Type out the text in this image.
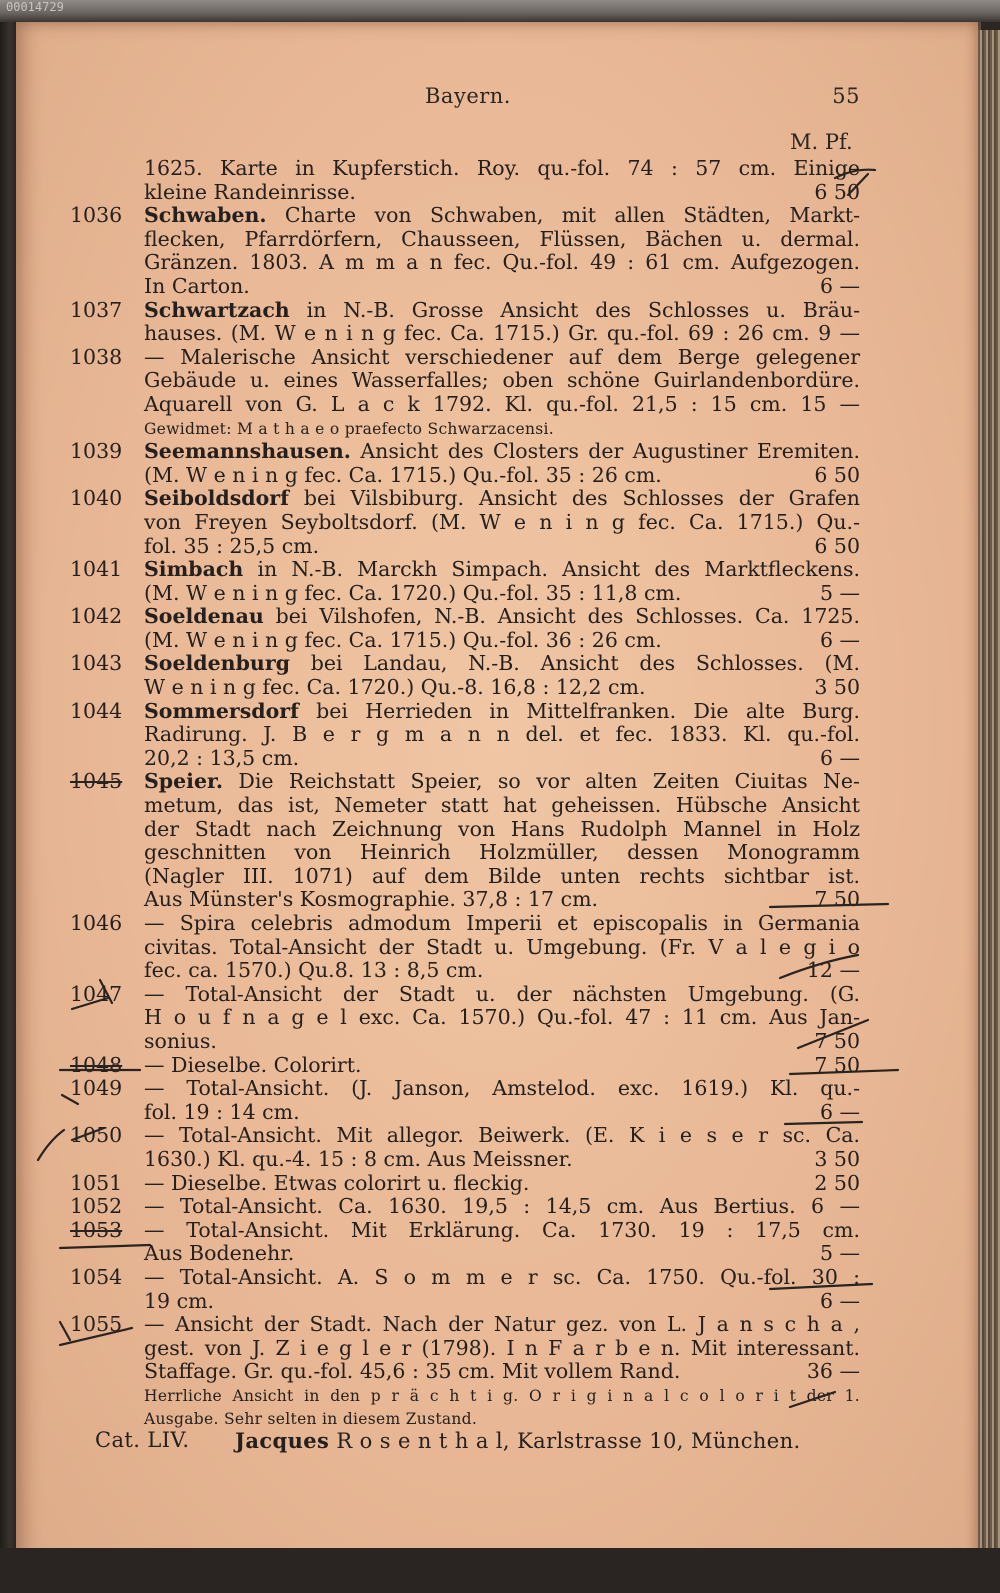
00014729
Bayern.	55
M. Pf.
1625. Karte in Kupferstich. Roy. qu.-fol. 74 : 57 cm. Einige
kleine Randeinrisse.	6 50
1036	Schwaben. Charte von Schwaben, mit allen Städten, Markt-
flecken, Pfarrdörfern, Chausseen, Flüssen, Bächen u. dermal.
Gränzen. 1803. A m m a n fec. Qu.-fol. 49 : 61 cm. Aufgezogen.
In Carton.	6 —
1037	Schwartzach in N.-B. Grosse Ansicht des Schlosses u. Bräu-
hauses. (M. W e n i n g fec. Ca. 1715.) Gr. qu.-fol. 69 : 26 cm. 9 —
1038	— Malerische Ansicht verschiedener auf dem Berge gelegener
Gebäude u. eines Wasserfalles; oben schöne Guirlandenbordüre.
Aquarell von G. L a c k 1792. Kl. qu.-fol. 21,5 : 15 cm. 15 —
Gewidmet: M a t h a e o praefecto Schwarzacensi.
1039	Seemannshausen. Ansicht des Closters der Augustiner Eremiten.
(M. W e n i n g fec. Ca. 1715.) Qu.-fol. 35 : 26 cm.	6 50
1040	Seiboldsdorf bei Vilsbiburg. Ansicht des Schlosses der Grafen
von Freyen Seyboltsdorf. (M. W e n i n g fec. Ca. 1715.) Qu.-
fol. 35 : 25,5 cm.	6 50
1041	Simbach in N.-B. Marckh Simpach. Ansicht des Marktfleckens.
(M. W e n i n g fec. Ca. 1720.) Qu.-fol. 35 : 11,8 cm.	5 —
1042	Soeldenau bei Vilshofen, N.-B. Ansicht des Schlosses. Ca. 1725.
(M. W e n i n g fec. Ca. 1715.) Qu.-fol. 36 : 26 cm.	6 —
1043	Soeldenburg bei Landau, N.-B. Ansicht des Schlosses. (M.
W e n i n g fec. Ca. 1720.) Qu.-8. 16,8 : 12,2 cm.	3 50
1044	Sommersdorf bei Herrieden in Mittelfranken. Die alte Burg.
Radirung. J. B e r g m a n n del. et fec. 1833. Kl. qu.-fol.
20,2 : 13,5 cm.	6 —
1045	Speier. Die Reichstatt Speier, so vor alten Zeiten Ciuitas Ne-
metum, das ist, Nemeter statt hat geheissen. Hübsche Ansicht
der Stadt nach Zeichnung von Hans Rudolph Mannel in Holz
geschnitten von Heinrich Holzmüller, dessen Monogramm
(Nagler III. 1071) auf dem Bilde unten rechts sichtbar ist.
Aus Münster's Kosmographie. 37,8 : 17 cm.	7 50
1046	— Spira celebris admodum Imperii et episcopalis in Germania
civitas. Total-Ansicht der Stadt u. Umgebung. (Fr. V a l e g i o
fec. ca. 1570.) Qu.8. 13 : 8,5 cm.	12 —
1047	— Total-Ansicht der Stadt u. der nächsten Umgebung. (G.
H o u f n a g e l exc. Ca. 1570.) Qu.-fol. 47 : 11 cm. Aus Jan-
sonius.	7 50
1048	— Dieselbe. Colorirt.	7 50
1049	— Total-Ansicht. (J. Janson, Amstelod. exc. 1619.) Kl. qu.-
fol. 19 : 14 cm.	6 —
1050	— Total-Ansicht. Mit allegor. Beiwerk. (E. K i e s e r sc. Ca.
1630.) Kl. qu.-4. 15 : 8 cm. Aus Meissner.	3 50
1051	— Dieselbe. Etwas colorirt u. fleckig.	2 50
1052	— Total-Ansicht. Ca. 1630. 19,5 : 14,5 cm. Aus Bertius. 6 —
1053	— Total-Ansicht. Mit Erklärung. Ca. 1730. 19 : 17,5 cm.
Aus Bodenehr.	5 —
1054	— Total-Ansicht. A. S o m m e r sc. Ca. 1750. Qu.-fol. 30 :
19 cm.	6 —
1055	— Ansicht der Stadt. Nach der Natur gez. von L. J a n s c h a ,
gest. von J. Z i e g l e r (1798). I n F a r b e n. Mit interessant.
Staffage. Gr. qu.-fol. 45,6 : 35 cm. Mit vollem Rand.	36 —
Herrliche Ansicht in den p r ä c h t i g. O r i g i n a l c o l o r i t der 1.
Ausgabe. Sehr selten in diesem Zustand.
Cat. LIV. Jacques R o s e n t h a l, Karlstrasse 10, München.
